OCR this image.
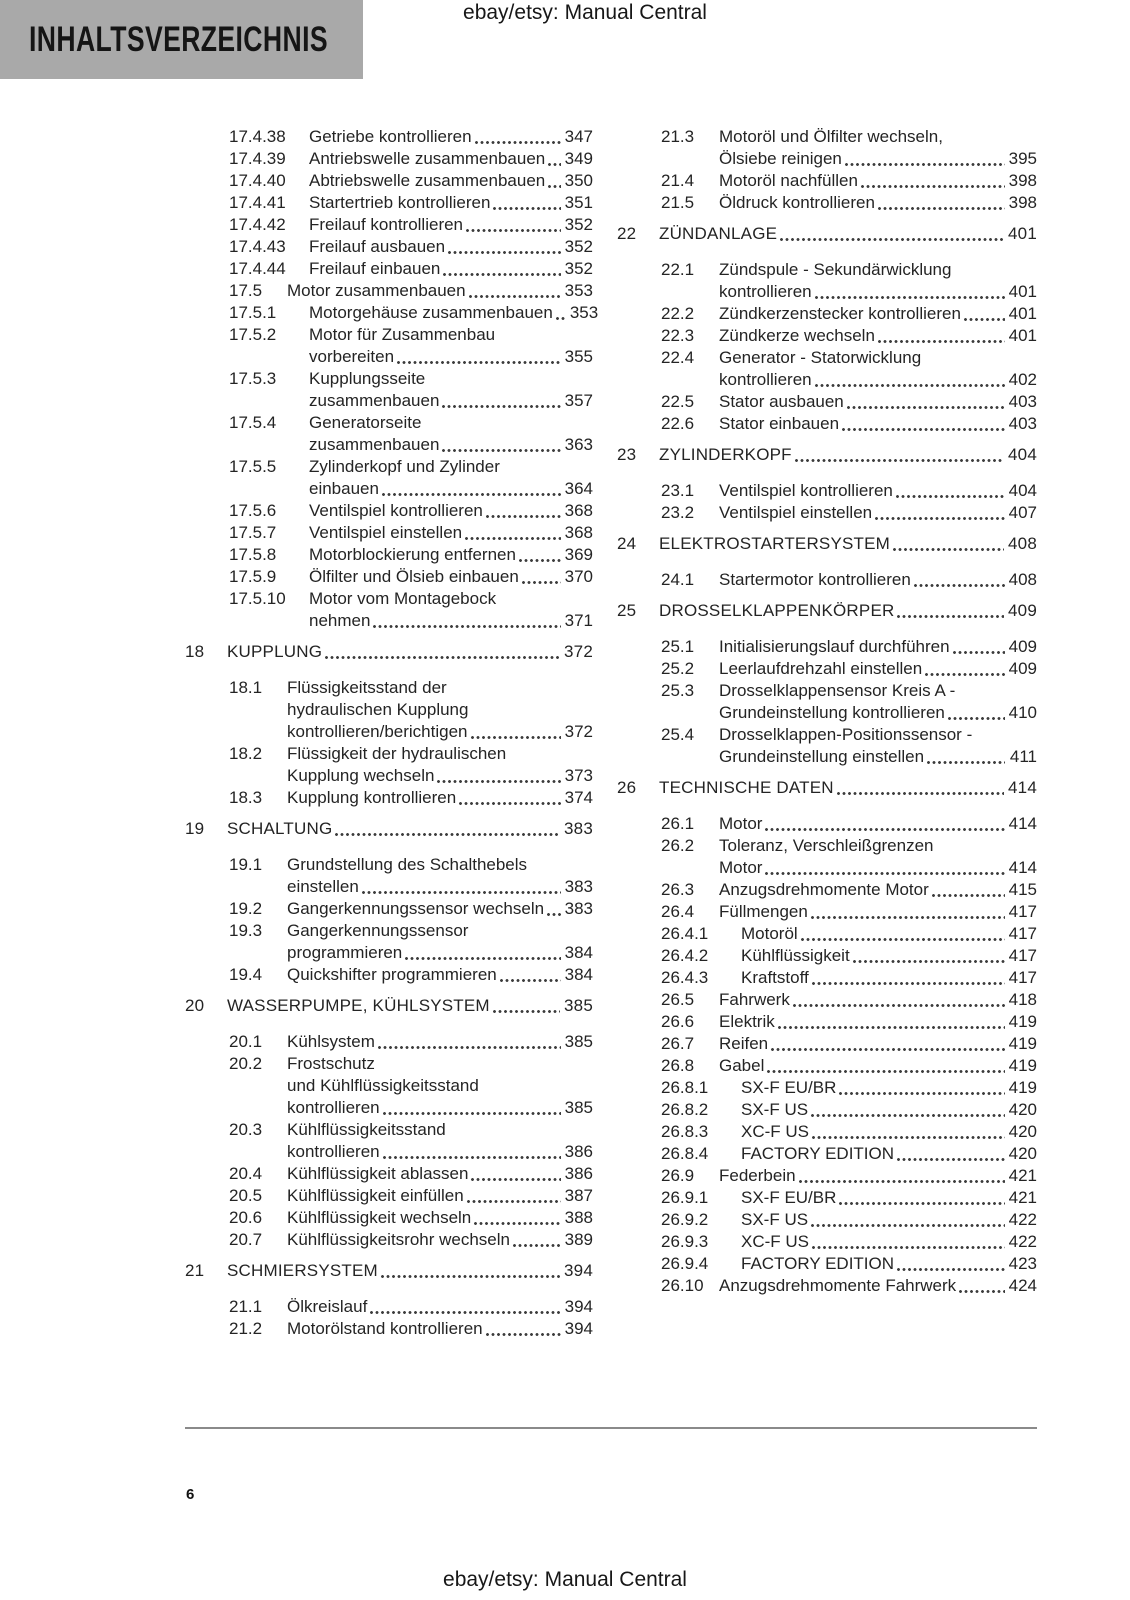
INHALTSVERZEICHNIS
ebay/etsy: Manual Central
17.4.38	Getriebe kontrollieren	347
17.4.39	Antriebswelle zusammenbauen 349
17.4.40	Abtriebswelle zusammenbauen 350
17.4.41	Startertrieb kontrollieren	351
17.4.42	Freilauf kontrollieren	352
17.4.43	Freilauf ausbauen	352
17.4.44	Freilauf einbauen	352
17.5	Motor zusammenbauen	353
17.5.1	Motorgehäuse zusammenbauen 353
17.5.2	Motor für Zusammenbau
vorbereiten	355
17.5.3	Kupplungsseite
zusammenbauen	357
17.5.4	Generatorseite
zusammenbauen	363
17.5.5	Zylinderkopf und Zylinder
einbauen	364
17.5.6	Ventilspiel kontrollieren	368
17.5.7	Ventilspiel einstellen	368
17.5.8	Motorblockierung entfernen	369
17.5.9	Ölfilter und Ölsieb einbauen	370
17.5.10	Motor vom Montagebock
nehmen	371
18	KUPPLUNG	372
18.1	Flüssigkeitsstand der
hydraulischen Kupplung
kontrollieren/berichtigen	372
18.2	Flüssigkeit der hydraulischen
Kupplung wechseln	373
18.3	Kupplung kontrollieren	374
19	SCHALTUNG	383
19.1	Grundstellung des Schalthebels
einstellen	383
19.2	Gangerkennungssensor wechseln 383
19.3	Gangerkennungssensor
programmieren	384
19.4	Quickshifter programmieren	384
20	WASSERPUMPE, KÜHLSYSTEM	385
20.1	Kühlsystem	385
20.2	Frostschutz
und Kühlflüssigkeitsstand
kontrollieren	385
20.3	Kühlflüssigkeitsstand
kontrollieren	386
20.4	Kühlflüssigkeit ablassen	386
20.5	Kühlflüssigkeit einfüllen	387
20.6	Kühlflüssigkeit wechseln	388
20.7	Kühlflüssigkeitsrohr wechseln	389
21	SCHMIERSYSTEM	394
21.1	Ölkreislauf	394
21.2	Motorölstand kontrollieren	394
21.3	Motoröl und Ölfilter wechseln,
Ölsiebe reinigen	395
21.4	Motoröl nachfüllen	398
21.5	Öldruck kontrollieren	398
22	ZÜNDANLAGE	401
22.1	Zündspule - Sekundärwicklung
kontrollieren	401
22.2	Zündkerzenstecker kontrollieren	401
22.3	Zündkerze wechseln	401
22.4	Generator - Statorwicklung
kontrollieren	402
22.5	Stator ausbauen	403
22.6	Stator einbauen	403
23	ZYLINDERKOPF	404
23.1	Ventilspiel kontrollieren	404
23.2	Ventilspiel einstellen	407
24	ELEKTROSTARTERSYSTEM	408
24.1	Startermotor kontrollieren	408
25	DROSSELKLAPPENKÖRPER	409
25.1	Initialisierungslauf durchführen	409
25.2	Leerlaufdrehzahl einstellen	409
25.3	Drosselklappensensor Kreis A -
Grundeinstellung kontrollieren	410
25.4	Drosselklappen-Positionssensor -
Grundeinstellung einstellen	411
26	TECHNISCHE DATEN	414
26.1	Motor	414
26.2	Toleranz, Verschleißgrenzen
Motor	414
26.3	Anzugsdrehmomente Motor	415
26.4	Füllmengen	417
26.4.1	Motoröl	417
26.4.2	Kühlflüssigkeit	417
26.4.3	Kraftstoff	417
26.5	Fahrwerk	418
26.6	Elektrik	419
26.7	Reifen	419
26.8	Gabel	419
26.8.1	SX-F EU/BR	419
26.8.2	SX-F US	420
26.8.3	XC-F US	420
26.8.4	FACTORY EDITION	420
26.9	Federbein	421
26.9.1	SX-F EU/BR	421
26.9.2	SX-F US	422
26.9.3	XC-F US	422
26.9.4	FACTORY EDITION	423
26.10 Anzugsdrehmomente Fahrwerk	424
6
ebay/etsy: Manual Central
